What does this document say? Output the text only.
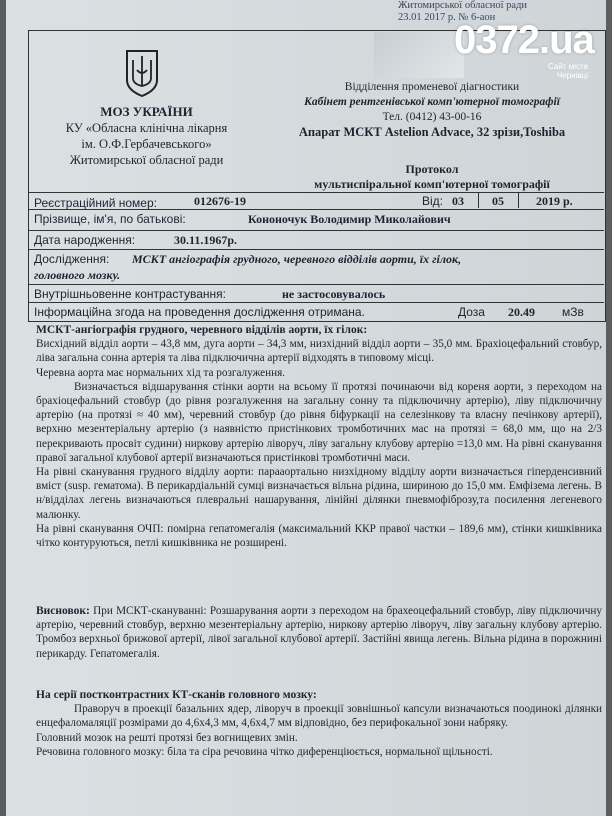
Житомирської обласної ради
23.01 2017 р. № 6-аон
МОЗ УКРАЇНИ
КУ «Обласна клінічна лікарня
ім. О.Ф.Гербачевського»
Житомирської обласної ради
0372.ua
Сайт міста
Чернівці
Відділення променевої діагностики
Кабінет рентгенівської комп'ютерної томографії
Тел. (0412) 43-00-16
Апарат МСКТ Astelion Advace, 32 зрізи,Toshiba
Протокол
мультиспіральної комп'ютерної томографії
Реєстраційний номер:	012676-19	Від: 03 05	2019 р.
Прізвище, ім'я, по батькові:	Кононочук Володимир Миколайович
Дата народження:	30.11.1967р.
Дослідження: МСКТ ангіографія грудного, черевного відділів аорти, їх гілок,
головного мозку.
Внутрішньовенне контрастування:	не застосовувалось
Інформаційна згода на проведення дослідження отримана.	Доза 20.49 мЗв

МСКТ-ангіографія грудного, черевного відділів аорти, їх гілок:

Висхідний відділ аорти – 43,8 мм, дуга аорти – 34,3 мм, низхідний відділ аорти – 35,0 мм. Брахіоцефальний стовбур, ліва загальна сонна артерія та ліва підключична артерії відходять в типовому місці.

Черевна аорта має нормальних хід та розгалуження.

Визначається відшарування стінки аорти на всьому її протязі починаючи від кореня аорти, з переходом на брахіоцефальний стовбур (до рівня розгалуження на загальну сонну та підключичну артерію), ліву підключичну артерію (на протязі ≈ 40 мм), черевний стовбур (до рівня біфуркації на селезінкову та власну печінкову артерії), верхню мезентеріальну артерію (з наявністю пристінкових тромботичних мас на протязі = 68,0 мм, що на 2/3 перекривають просвіт судини) ниркову артерію ліворуч, ліву загальну клубову артерію =13,0 мм. На рівні сканування правої загальної клубової артерії визначаються пристінкові тромботичні маси.

На рівні сканування грудного відділу аорти: парааортально низхідному відділу аорти визначається гіперденсивний вміст (susp. гематома). В перикардіальній сумці визначається вільна рідина, шириною до 15,0 мм. Емфізема легень. В н/відділах легень визначаються плевральні нашарування, лінійні ділянки пневмофіброзу,та посилення легеневого малюнку.

На рівні сканування ОЧП: помірна гепатомегалія (максимальний ККР правої частки – 189,6 мм), стінки кишківника чітко контуруються, петлі кишківника не розширені.

Висновок: При МСКТ-скануванні: Розшарування аорти з переходом на брахеоцефальний стовбур, ліву підключичну артерію, черевний стовбур, верхню мезентеріальну артерію, ниркову артерію ліворуч, ліву загальну клубову артерію. Тромбоз верхньої брижової артерії, лівої загальної клубової артерії. Застійні явища легень. Вільна рідина в порожнині перикарду. Гепатомегалія.

На серії постконтрастних КТ-сканів головного мозку:

Праворуч в проекції базальних ядер, ліворуч в проекції зовнішньої капсули визначаються поодинокі ділянки енцефаломаляції розмірами до 4,6х4,3 мм, 4,6х4,7 мм відповідно, без перифокальної зони набряку.

Головний мозок на решті протязі без вогнищевих змін.

Речовина головного мозку: біла та сіра речовина чітко диференціюється, нормальної щільності.
